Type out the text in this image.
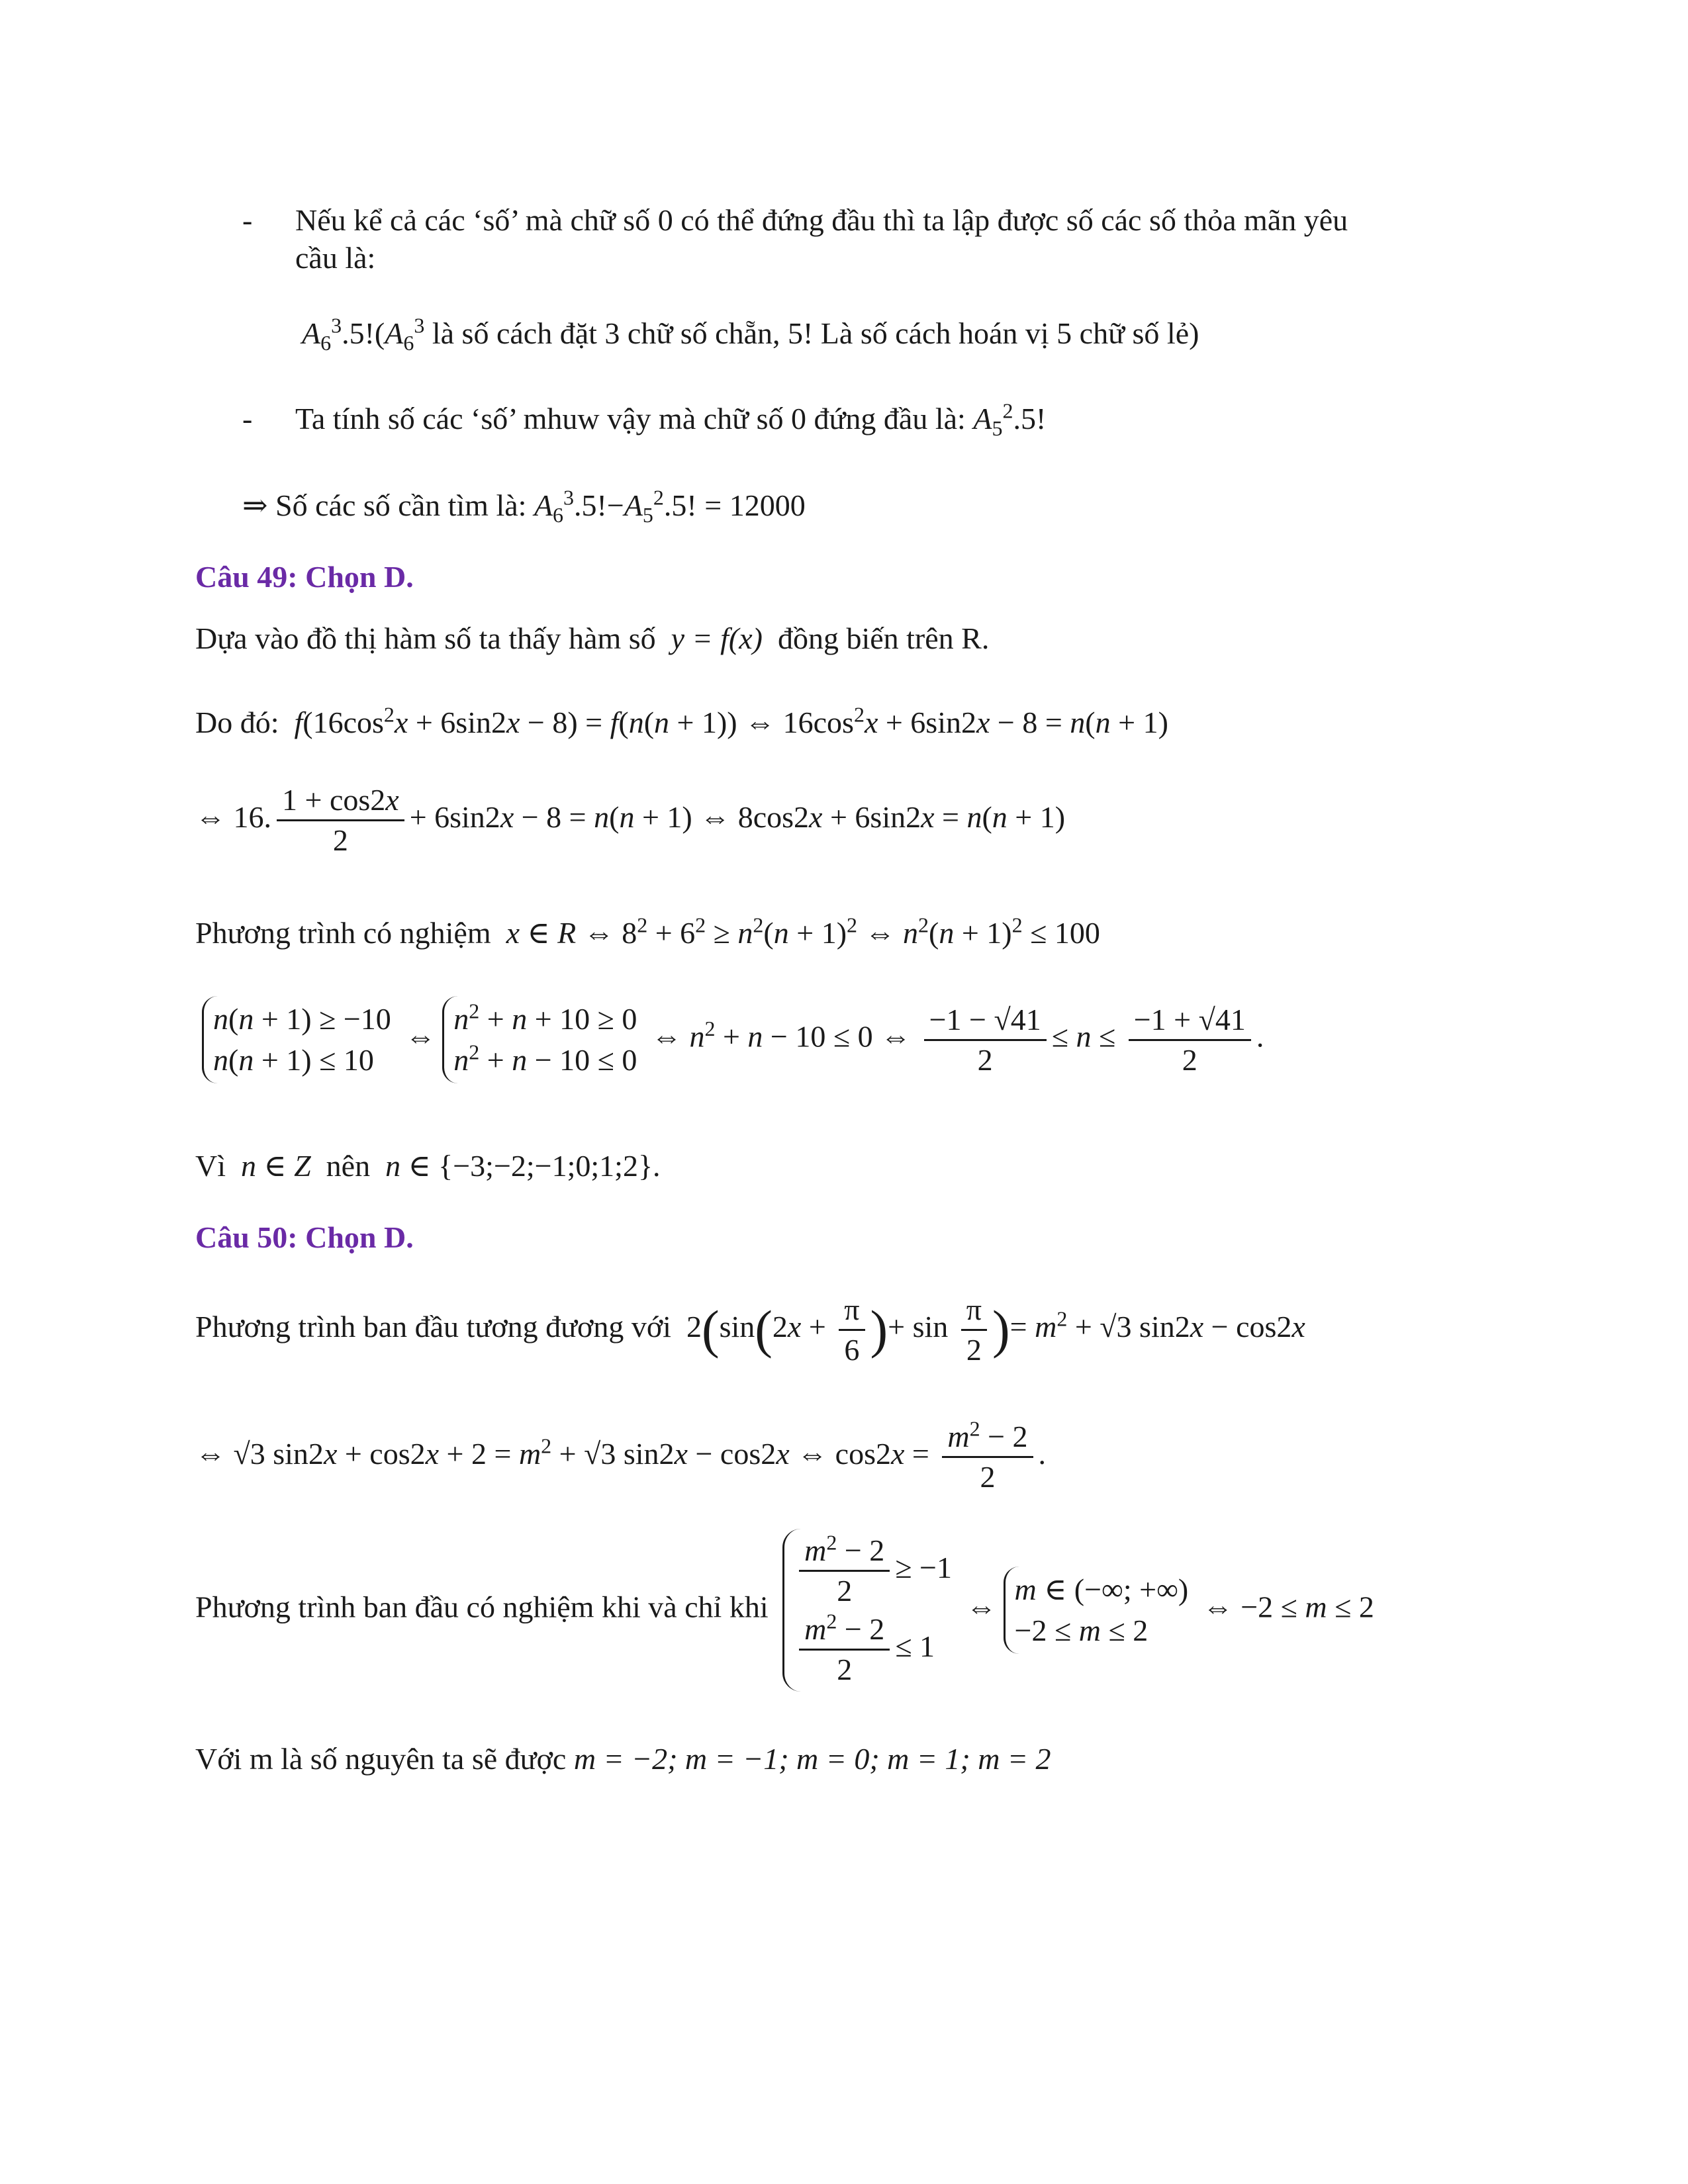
- Nếu kể cả các ‘số’ mà chữ số 0 có thể đứng đầu thì ta lập được số các số thỏa mãn yêu
cầu là:
$A_6^3.5!(A_6^3$ là số cách đặt 3 chữ số chẵn, 5! Là số cách hoán vị 5 chữ số lẻ)
- Ta tính số các ‘số’ mhuw vậy mà chữ số 0 đứng đầu là: $A_5^2.5$!
⇒ Số các số cần tìm là: $A_6^3.5!-A_5^2.5$! = 12000
Câu 49: Chọn D.
Dựa vào đồ thị hàm số ta thấy hàm số  y = f(x)  đồng biến trên R.
Do đó:  $f(16\cos^2x + 6\sin 2x - 8) = f(n(n + 1))$ ⇔ $16\cos^2x + 6\sin 2x - 8 = n(n + 1)$
⇔ 16. $\frac{1 + \cos 2x}{2} + 6\sin 2x - 8 = n(n + 1)$ ⇔ 8cos2x + 6sin2x = n(n + 1)
Phương trình có nghiệm  x ∈ R ⇔ $8^2 + 6^2 \ge n^2(n + 1)^2$ ⇔ $n^2(n + 1)^2 \le 100$
n(n + 1) ≥ −10
n(n + 1) ≤ 10
⇔
$n^2 + n + 10 \ge 0$
$n^2 + n - 10 \le 0$
⇔ $n^2 + n - 10 \le 0$ ⇔ $\frac{-1 - √41}{2} \le n \le \frac{-1 + √41}{2}$ .
Vì  n ∈ Z nên  n ∈ {−3;−2;−1;0;1;2}.
Câu 50: Chọn D.
Phương trình ban đầu tương đương với  $2(\sin(2x + \frac{\pi}{6}$ )+ $\sin \frac{\pi}{2}$ )= $m^2 + √3$ sin2x − cos2x
⇔ √3 $\sin 2x + \cos 2x + 2 = m^2 + √3$ sin2x − cos2x ⇔ $\cos 2x = \frac{m^2 - 2}{2}$ .
Phương trình ban đầu có nghiệm khi và chỉ khi $\frac{m^2 - 2}{2} \ge -1$
$\frac{m^2 - 2}{2} \le 1$
⇔
m ∈ (−∞; +∞)
−2 ≤ m ≤ 2
⇔ −2 ≤ m ≤ 2
Với m là số nguyên ta sẽ được m = −2; m = −1; m = 0; m = 1; m = 2
